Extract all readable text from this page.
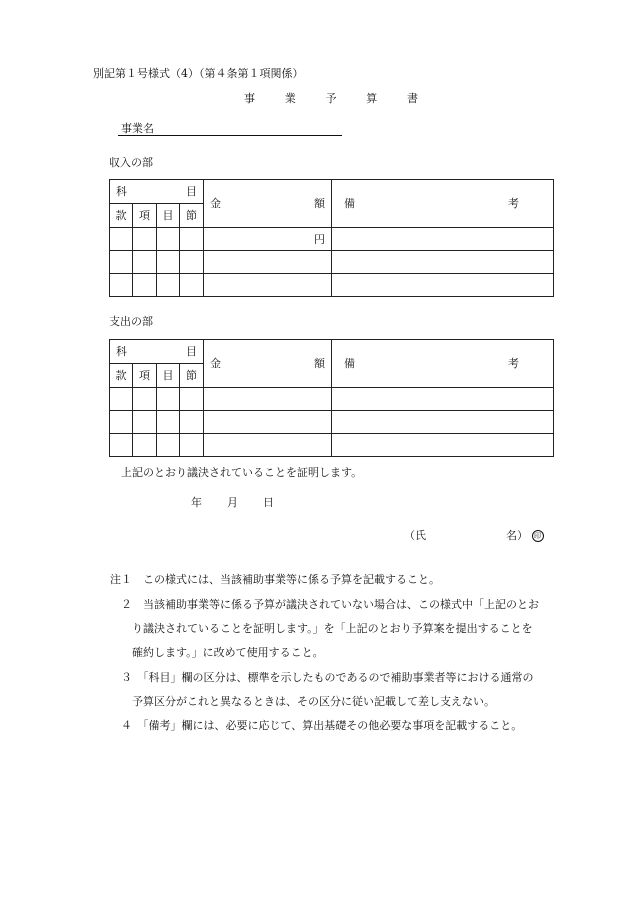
別記第１号様式（4）（第４条第１項関係）
事	業	予	算	書
事業名
収入の部
科 目				金 額	備 考

款	項	目	節		
				円	

支出の部
科 目				金 額	備 考

款	項	目	節		

上記のとおり議決されていることを証明します。
年 月 日
（氏	名） 印
注１　この様式には、当該補助事業等に係る予算を記載すること。
２　当該補助事業等に係る予算が議決されていない場合は、この様式中「上記のとお
り議決されていることを証明します。」を「上記のとおり予算案を提出することを
確約します。」に改めて使用すること。
３　「科目」欄の区分は、標準を示したものであるので補助事業者等における通常の
予算区分がこれと異なるときは、その区分に従い記載して差し支えない。
４　「備考」欄には、必要に応じて、算出基礎その他必要な事項を記載すること。
